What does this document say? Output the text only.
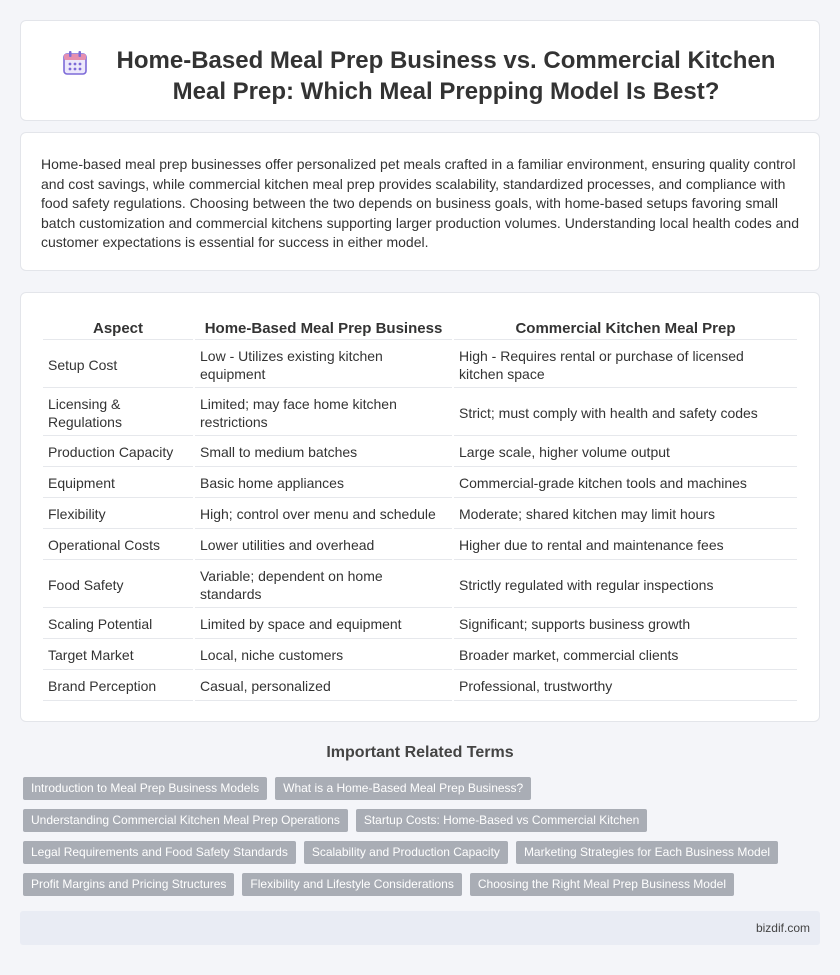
Home-Based Meal Prep Business vs. Commercial Kitchen Meal Prep: Which Meal Prepping Model Is Best?

Home-based meal prep businesses offer personalized pet meals crafted in a familiar environment, ensuring quality control and cost savings, while commercial kitchen meal prep provides scalability, standardized processes, and compliance with food safety regulations. Choosing between the two depends on business goals, with home-based setups favoring small batch customization and commercial kitchens supporting larger production volumes. Understanding local health codes and customer expectations is essential for success in either model.

Aspect	Home-Based Meal Prep Business	Commercial Kitchen Meal Prep
Setup Cost	Low - Utilizes existing kitchen equipment	High - Requires rental or purchase of licensed kitchen space
Licensing & Regulations	Limited; may face home kitchen restrictions	Strict; must comply with health and safety codes
Production Capacity	Small to medium batches	Large scale, higher volume output
Equipment	Basic home appliances	Commercial-grade kitchen tools and machines
Flexibility	High; control over menu and schedule	Moderate; shared kitchen may limit hours
Operational Costs	Lower utilities and overhead	Higher due to rental and maintenance fees
Food Safety	Variable; dependent on home standards	Strictly regulated with regular inspections
Scaling Potential	Limited by space and equipment	Significant; supports business growth
Target Market	Local, niche customers	Broader market, commercial clients
Brand Perception	Casual, personalized	Professional, trustworthy
Important Related Terms
Introduction to Meal Prep Business Models	What is a Home-Based Meal Prep Business?
Understanding Commercial Kitchen Meal Prep Operations	Startup Costs: Home-Based vs Commercial Kitchen
Legal Requirements and Food Safety Standards	Scalability and Production Capacity	Marketing Strategies for Each Business Model
Profit Margins and Pricing Structures	Flexibility and Lifestyle Considerations	Choosing the Right Meal Prep Business Model
bizdif.com
